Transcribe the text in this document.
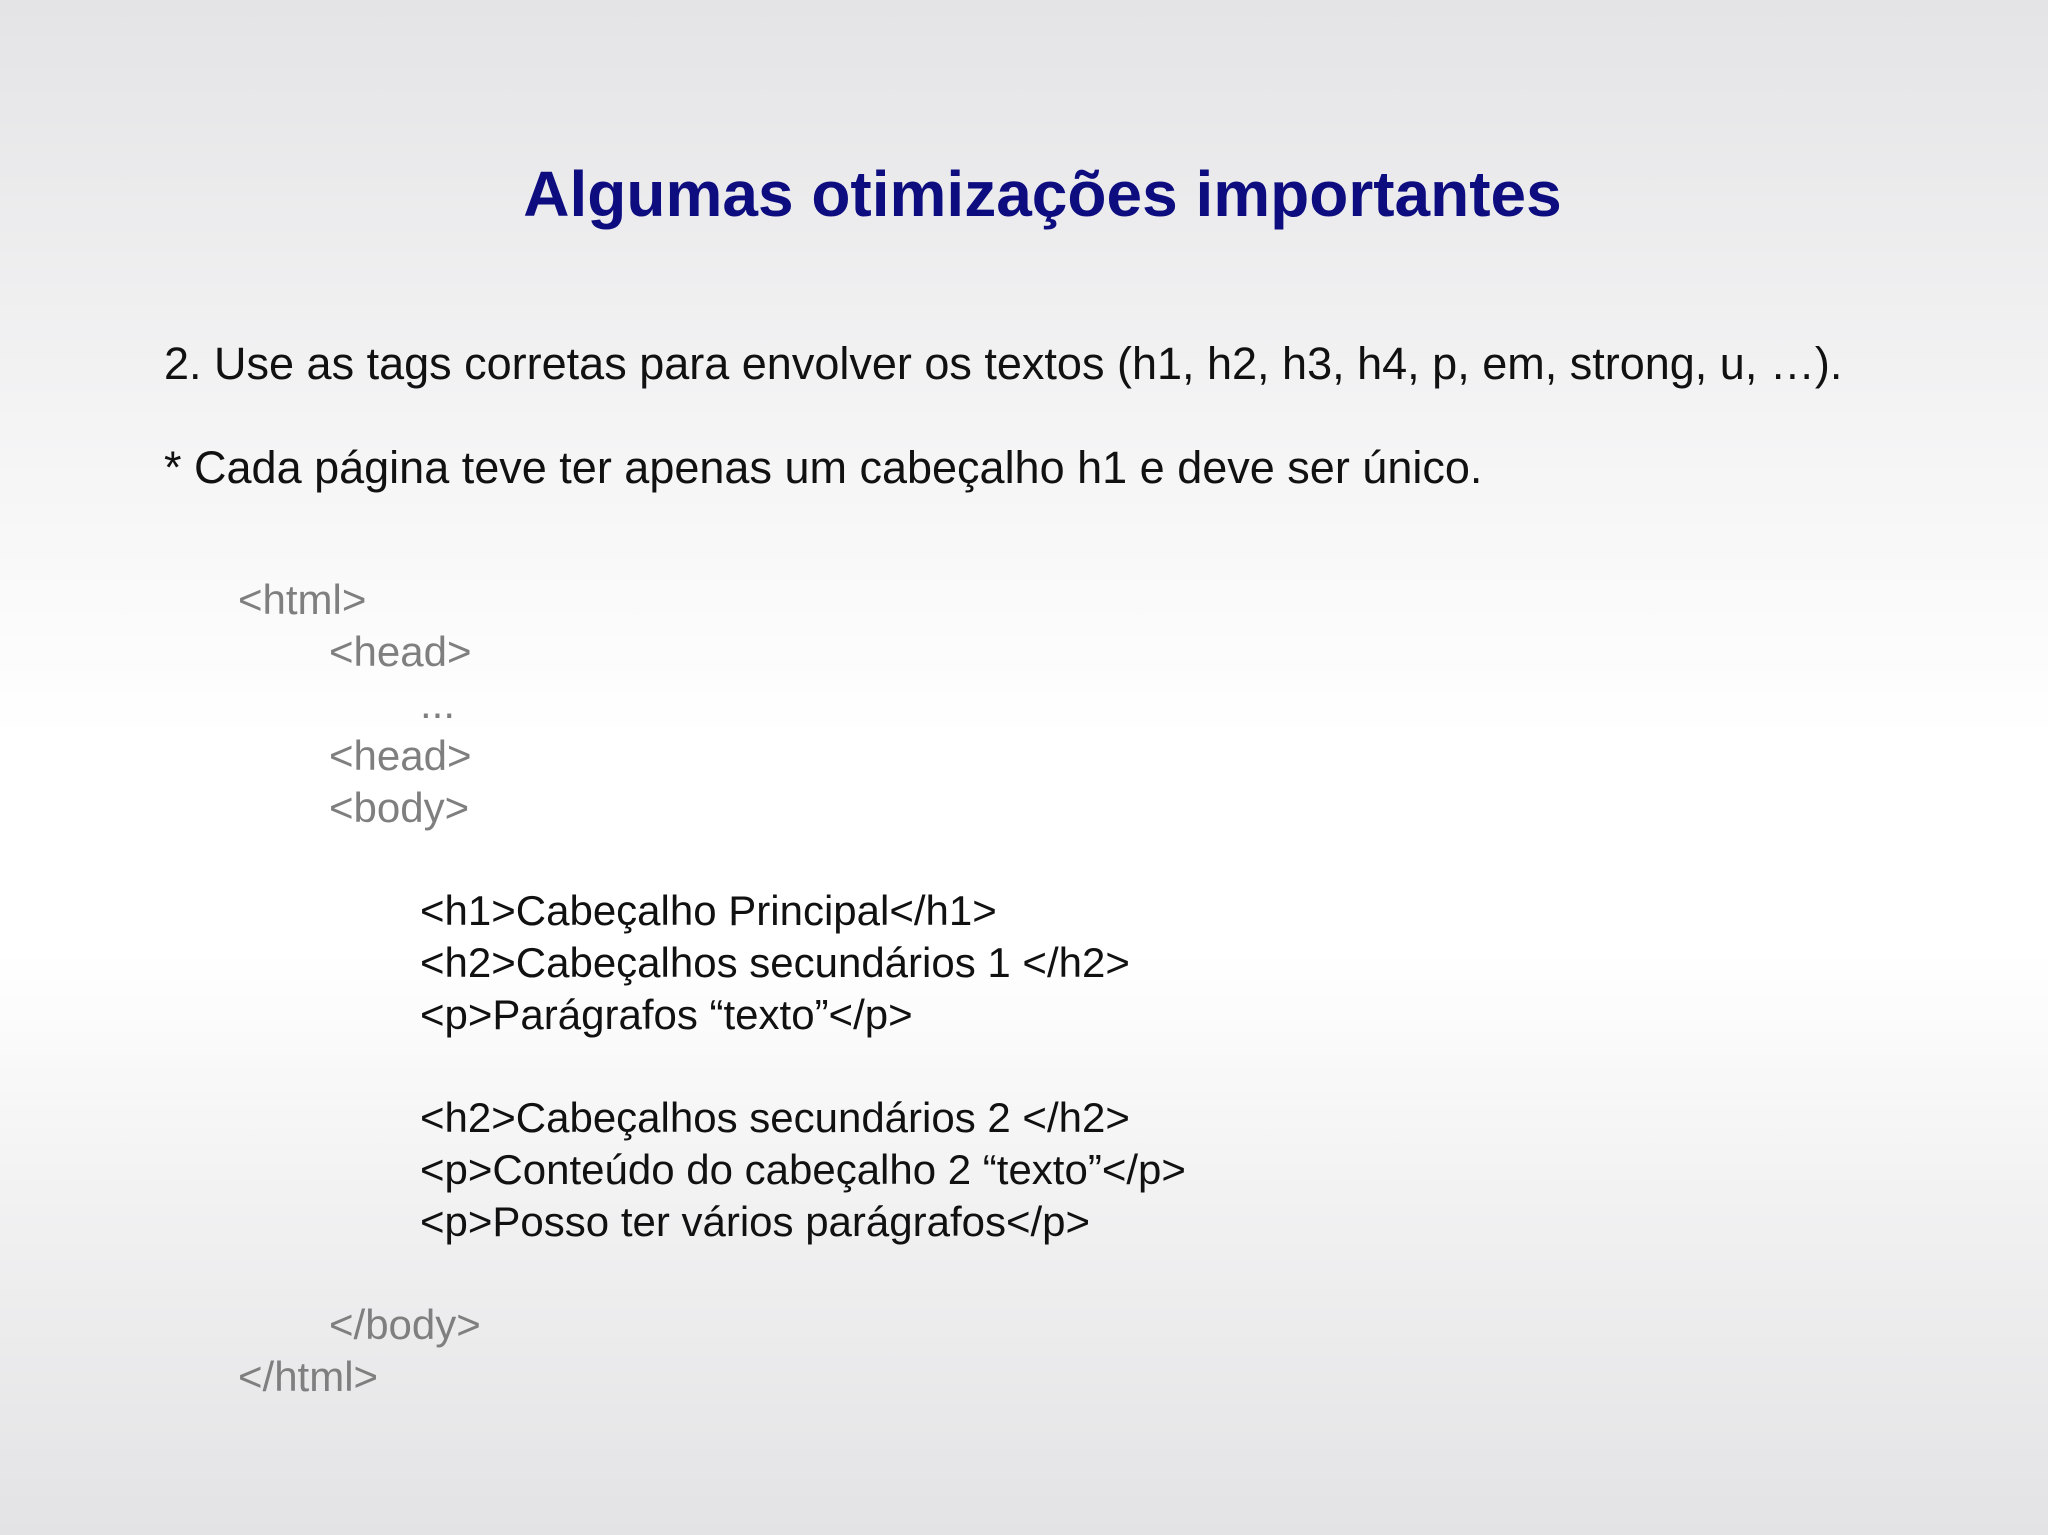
Algumas otimizações importantes
2. Use as tags corretas para envolver os textos (h1, h2, h3, h4, p, em, strong, u, …).
* Cada página teve ter apenas um cabeçalho h1 e deve ser único.
<html>
<head>
...
<head>
<body>
<h1>Cabeçalho Principal</h1>
<h2>Cabeçalhos secundários 1 </h2>
<p>Parágrafos “texto”</p>
<h2>Cabeçalhos secundários 2 </h2>
<p>Conteúdo do cabeçalho 2 “texto”</p>
<p>Posso ter vários parágrafos</p>
</body>
</html>
